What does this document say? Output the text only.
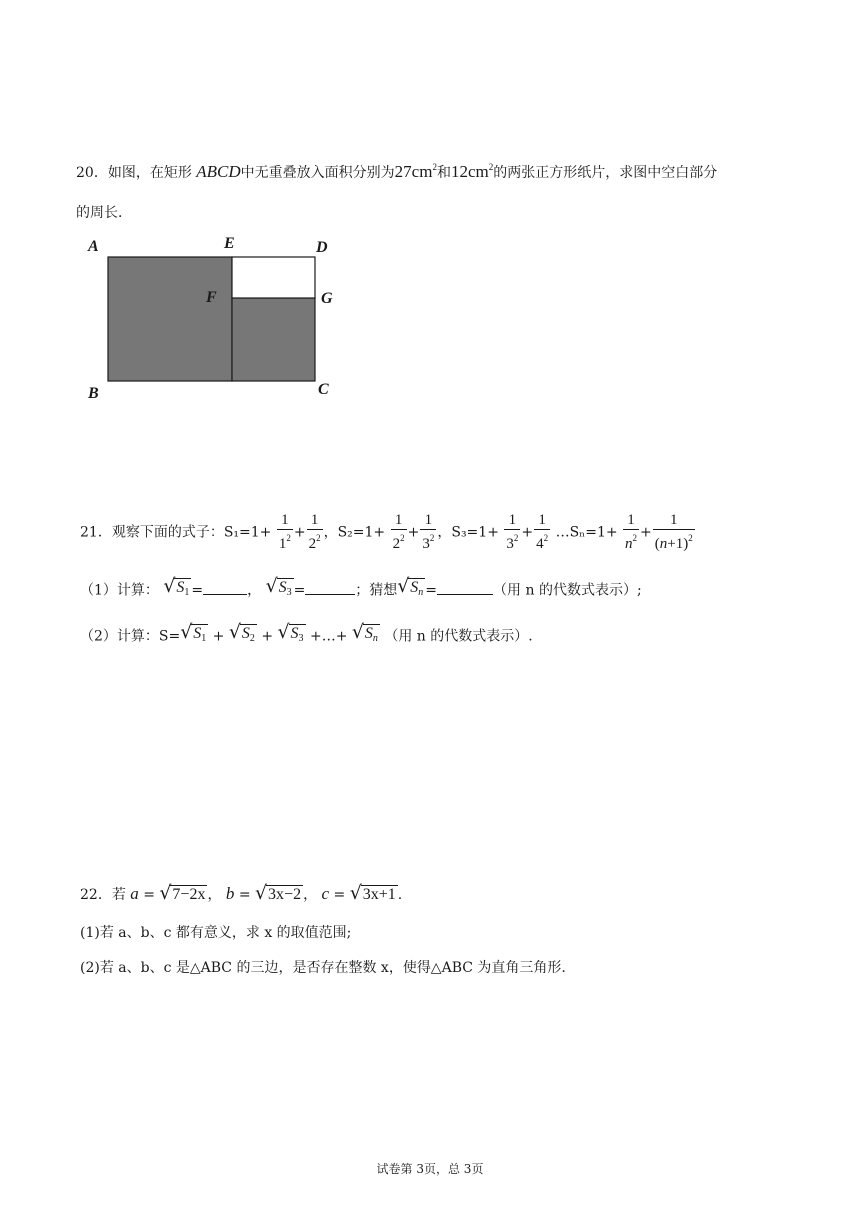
20．如图，在矩形 ABCD中无重叠放入面积分别为$27cm^2$和$12cm^2$的两张正方形纸片，求图中空白部分
的周长．
A	E	D
F	G
B	C
21．观察下面的式子：$S_1=1+ \frac{1}{1^2} + \frac{1}{2^2}$ ，$S_2=1+ \frac{1}{2^2} + \frac{1}{3^2}$ ，$S_3=1+ \frac{1}{3^2} + \frac{1}{4^2}$ …Sₙ=1+ $\frac{1}{n^2} + \frac{1}{(n+1)^2}$
（1）计算： √ $S_1$ =	， √ $S_3$ =	；猜想 √ $S_n$ =	（用 n 的代数式表示）;
（2）计算：S= √ $S_1$ + √ $S_2$ + √ $S_3$ +…+ √ $S_n$ （用 n 的代数式表示）.
22．若 a = √ 7−2x ， b = √ 3x−2 ， c = √ 3x+1 .
(1)若 a、b、c 都有意义，求 x 的取值范围;
(2)若 a、b、c 是△ABC 的三边，是否存在整数 x，使得△ABC 为直角三角形.
试卷第 3页，总 3页
